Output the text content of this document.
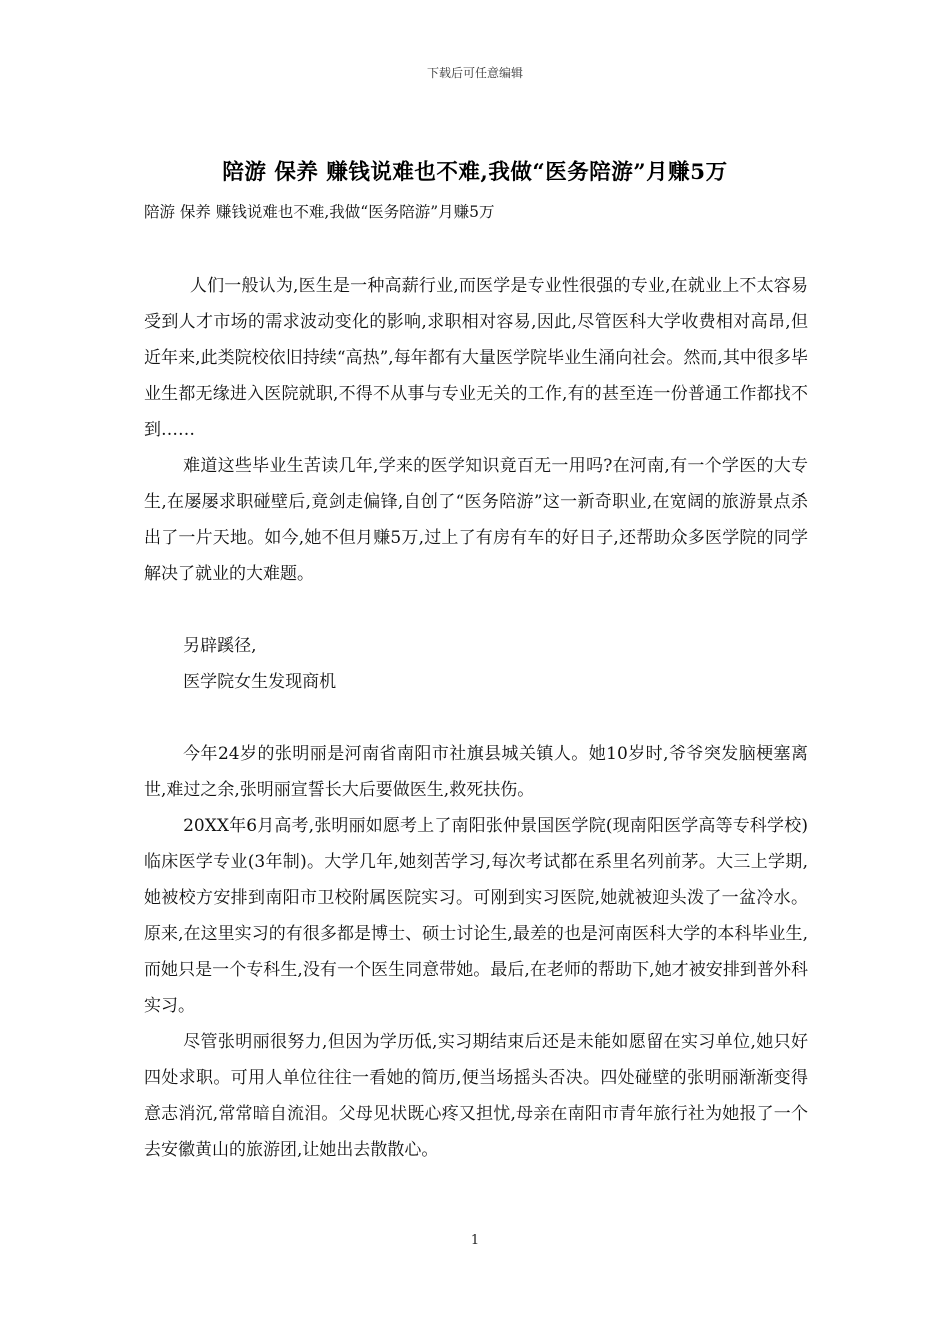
下载后可任意编辑
陪游 保养 赚钱说难也不难,我做“医务陪游”月赚5万
陪游 保养 赚钱说难也不难,我做“医务陪游”月赚5万

人们一般认为,医生是一种高薪行业,而医学是专业性很强的专业,在就业上不太容易受到人才市场的需求波动变化的影响,求职相对容易,因此,尽管医科大学收费相对高昂,但近年来,此类院校依旧持续“高热”,每年都有大量医学院毕业生涌向社会。然而,其中很多毕业生都无缘进入医院就职,不得不从事与专业无关的工作,有的甚至连一份普通工作都找不到……

难道这些毕业生苦读几年,学来的医学知识竟百无一用吗?在河南,有一个学医的大专生,在屡屡求职碰壁后,竟剑走偏锋,自创了“医务陪游”这一新奇职业,在宽阔的旅游景点杀出了一片天地。如今,她不但月赚5万,过上了有房有车的好日子,还帮助众多医学院的同学解决了就业的大难题。

另辟蹊径,

医学院女生发现商机

今年24岁的张明丽是河南省南阳市社旗县城关镇人。她10岁时,爷爷突发脑梗塞离世,难过之余,张明丽宣誓长大后要做医生,救死扶伤。

20XX年6月高考,张明丽如愿考上了南阳张仲景国医学院(现南阳医学高等专科学校)临床医学专业(3年制)。大学几年,她刻苦学习,每次考试都在系里名列前茅。大三上学期,她被校方安排到南阳市卫校附属医院实习。可刚到实习医院,她就被迎头泼了一盆冷水。原来,在这里实习的有很多都是博士、硕士讨论生,最差的也是河南医科大学的本科毕业生,而她只是一个专科生,没有一个医生同意带她。最后,在老师的帮助下,她才被安排到普外科实习。

尽管张明丽很努力,但因为学历低,实习期结束后还是未能如愿留在实习单位,她只好四处求职。可用人单位往往一看她的简历,便当场摇头否决。四处碰壁的张明丽渐渐变得意志消沉,常常暗自流泪。父母见状既心疼又担忧,母亲在南阳市青年旅行社为她报了一个去安徽黄山的旅游团,让她出去散散心。

1
